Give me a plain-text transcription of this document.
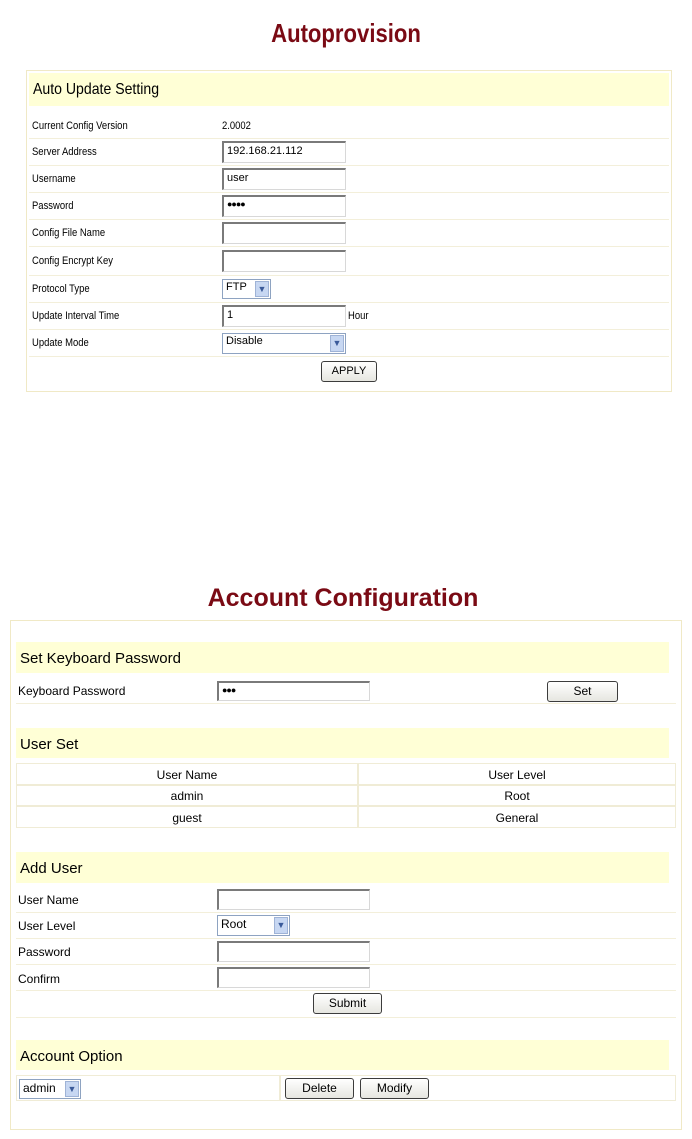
Autoprovision
Auto Update Setting
Current Config Version	2.0002
Server Address	192.168.21.112
Username	user
Password	●●●●
Config File Name
Config Encrypt Key
Protocol Type	FTP ▼
Update Interval Time	1	Hour
Update Mode	Disable	▼
APPLY
Account Configuration
Set Keyboard Password
Keyboard Password	●●●	Set
User Set
User Name	User Level
admin	Root
guest	General
Add User
User Name
User Level	Root	▼
Password
Confirm
Submit
Account Option
admin ▼	Delete	Modify
